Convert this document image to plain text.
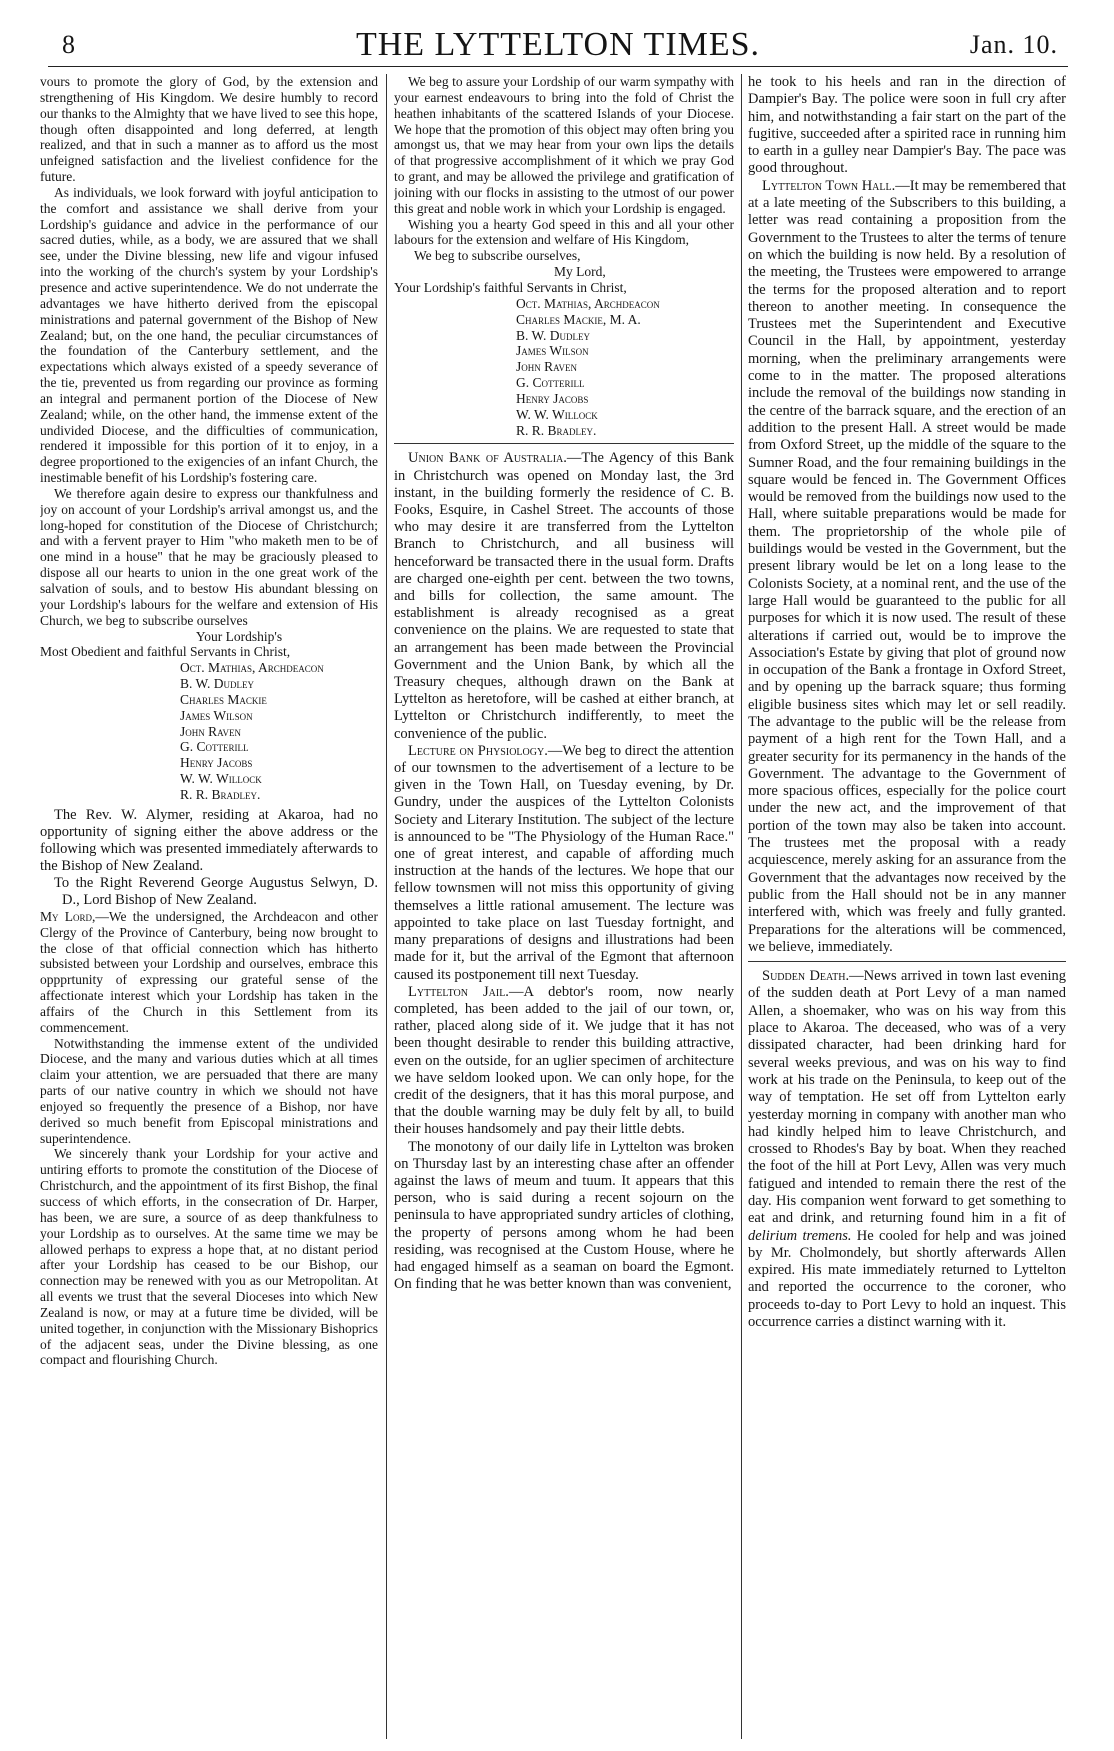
8	THE LYTTELTON TIMES.	Jan. 10.

vours to promote the glory of God, by the extension and strengthening of His Kingdom. We desire humbly to record our thanks to the Almighty that we have lived to see this hope, though often disappointed and long deferred, at length realized, and that in such a manner as to afford us the most unfeigned satisfaction and the liveliest confidence for the future.

As individuals, we look forward with joyful anticipation to the comfort and assistance we shall derive from your Lordship's guidance and advice in the performance of our sacred duties, while, as a body, we are assured that we shall see, under the Divine blessing, new life and vigour infused into the working of the church's system by your Lordship's presence and active superintendence. We do not underrate the advantages we have hitherto derived from the episcopal ministrations and paternal government of the Bishop of New Zealand; but, on the one hand, the peculiar circumstances of the foundation of the Canterbury settlement, and the expectations which always existed of a speedy severance of the tie, prevented us from regarding our province as forming an integral and permanent portion of the Diocese of New Zealand; while, on the other hand, the immense extent of the undivided Diocese, and the difficulties of communication, rendered it impossible for this portion of it to enjoy, in a degree proportioned to the exigencies of an infant Church, the inestimable benefit of his Lordship's fostering care.

We therefore again desire to express our thankfulness and joy on account of your Lordship's arrival amongst us, and the long-hoped for constitution of the Diocese of Christchurch; and with a fervent prayer to Him "who maketh men to be of one mind in a house" that he may be graciously pleased to dispose all our hearts to union in the one great work of the salvation of souls, and to bestow His abundant blessing on your Lordship's labours for the welfare and extension of His Church, we beg to subscribe ourselves

Your Lordship's

Most Obedient and faithful Servants in Christ,

Oct. Mathias, Archdeacon

B. W. Dudley

Charles Mackie

James Wilson

John Raven

G. Cotterill

Henry Jacobs

W. W. Willock

R. R. Bradley.

The Rev. W. Alymer, residing at Akaroa, had no opportunity of signing either the above address or the following which was presented immediately afterwards to the Bishop of New Zealand.

To the Right Reverend George Augustus Selwyn, D. D., Lord Bishop of New Zealand.

My Lord,—We the undersigned, the Archdeacon and other Clergy of the Province of Canterbury, being now brought to the close of that official connection which has hitherto subsisted between your Lordship and ourselves, embrace this oppprtunity of expressing our grateful sense of the affectionate interest which your Lordship has taken in the affairs of the Church in this Settlement from its commencement.

Notwithstanding the immense extent of the undivided Diocese, and the many and various duties which at all times claim your attention, we are persuaded that there are many parts of our native country in which we should not have enjoyed so frequently the presence of a Bishop, nor have derived so much benefit from Episcopal ministrations and superintendence.

We sincerely thank your Lordship for your active and untiring efforts to promote the constitution of the Diocese of Christchurch, and the appointment of its first Bishop, the final success of which efforts, in the consecration of Dr. Harper, has been, we are sure, a source of as deep thankfulness to your Lordship as to ourselves. At the same time we may be allowed perhaps to express a hope that, at no distant period after your Lordship has ceased to be our Bishop, our connection may be renewed with you as our Metropolitan. At all events we trust that the several Dioceses into which New Zealand is now, or may at a future time be divided, will be united together, in conjunction with the Missionary Bishoprics of the adjacent seas, under the Divine blessing, as one compact and flourishing Church.

We beg to assure your Lordship of our warm sympathy with your earnest endeavours to bring into the fold of Christ the heathen inhabitants of the scattered Islands of your Diocese. We hope that the promotion of this object may often bring you amongst us, that we may hear from your own lips the details of that progressive accomplishment of it which we pray God to grant, and may be allowed the privilege and gratification of joining with our flocks in assisting to the utmost of our power this great and noble work in which your Lordship is engaged.

Wishing you a hearty God speed in this and all your other labours for the extension and welfare of His Kingdom,

We beg to subscribe ourselves,

My Lord,

Your Lordship's faithful Servants in Christ,

Oct. Mathias, Archdeacon

Charles Mackie, M. A.

B. W. Dudley

James Wilson

John Raven

G. Cotterill

Henry Jacobs

W. W. Willock

R. R. Bradley.

Union Bank of Australia.—The Agency of this Bank in Christchurch was opened on Monday last, the 3rd instant, in the building formerly the residence of C. B. Fooks, Esquire, in Cashel Street. The accounts of those who may desire it are transferred from the Lyttelton Branch to Christchurch, and all business will henceforward be transacted there in the usual form. Drafts are charged one-eighth per cent. between the two towns, and bills for collection, the same amount. The establishment is already recognised as a great convenience on the plains. We are requested to state that an arrangement has been made between the Provincial Government and the Union Bank, by which all the Treasury cheques, although drawn on the Bank at Lyttelton as heretofore, will be cashed at either branch, at Lyttelton or Christchurch indifferently, to meet the convenience of the public.

Lecture on Physiology.—We beg to direct the attention of our townsmen to the advertisement of a lecture to be given in the Town Hall, on Tuesday evening, by Dr. Gundry, under the auspices of the Lyttelton Colonists Society and Literary Institution. The subject of the lecture is announced to be "The Physiology of the Human Race." one of great interest, and capable of affording much instruction at the hands of the lectures. We hope that our fellow townsmen will not miss this opportunity of giving themselves a little rational amusement. The lecture was appointed to take place on last Tuesday fortnight, and many preparations of designs and illustrations had been made for it, but the arrival of the Egmont that afternoon caused its postponement till next Tuesday.

Lyttelton Jail.—A debtor's room, now nearly completed, has been added to the jail of our town, or, rather, placed along side of it. We judge that it has not been thought desirable to render this building attractive, even on the outside, for an uglier specimen of architecture we have seldom looked upon. We can only hope, for the credit of the designers, that it has this moral purpose, and that the double warning may be duly felt by all, to build their houses handsomely and pay their little debts.

The monotony of our daily life in Lyttelton was broken on Thursday last by an interesting chase after an offender against the laws of meum and tuum. It appears that this person, who is said during a recent sojourn on the peninsula to have appropriated sundry articles of clothing, the property of persons among whom he had been residing, was recognised at the Custom House, where he had engaged himself as a seaman on board the Egmont. On finding that he was better known than was convenient,

he took to his heels and ran in the direction of Dampier's Bay. The police were soon in full cry after him, and notwithstanding a fair start on the part of the fugitive, succeeded after a spirited race in running him to earth in a gulley near Dampier's Bay. The pace was good throughout.

Lyttelton Town Hall.—It may be remembered that at a late meeting of the Subscribers to this building, a letter was read containing a proposition from the Government to the Trustees to alter the terms of tenure on which the building is now held. By a resolution of the meeting, the Trustees were empowered to arrange the terms for the proposed alteration and to report thereon to another meeting. In consequence the Trustees met the Superintendent and Executive Council in the Hall, by appointment, yesterday morning, when the preliminary arrangements were come to in the matter. The proposed alterations include the removal of the buildings now standing in the centre of the barrack square, and the erection of an addition to the present Hall. A street would be made from Oxford Street, up the middle of the square to the Sumner Road, and the four remaining buildings in the square would be fenced in. The Government Offices would be removed from the buildings now used to the Hall, where suitable preparations would be made for them. The proprietorship of the whole pile of buildings would be vested in the Government, but the present library would be let on a long lease to the Colonists Society, at a nominal rent, and the use of the large Hall would be guaranteed to the public for all purposes for which it is now used. The result of these alterations if carried out, would be to improve the Association's Estate by giving that plot of ground now in occupation of the Bank a frontage in Oxford Street, and by opening up the barrack square; thus forming eligible business sites which may let or sell readily. The advantage to the public will be the release from payment of a high rent for the Town Hall, and a greater security for its permanency in the hands of the Government. The advantage to the Government of more spacious offices, especially for the police court under the new act, and the improvement of that portion of the town may also be taken into account. The trustees met the proposal with a ready acquiescence, merely asking for an assurance from the Government that the advantages now received by the public from the Hall should not be in any manner interfered with, which was freely and fully granted. Preparations for the alterations will be commenced, we believe, immediately.

Sudden Death.—News arrived in town last evening of the sudden death at Port Levy of a man named Allen, a shoemaker, who was on his way from this place to Akaroa. The deceased, who was of a very dissipated character, had been drinking hard for several weeks previous, and was on his way to find work at his trade on the Peninsula, to keep out of the way of temptation. He set off from Lyttelton early yesterday morning in company with another man who had kindly helped him to leave Christchurch, and crossed to Rhodes's Bay by boat. When they reached the foot of the hill at Port Levy, Allen was very much fatigued and intended to remain there the rest of the day. His companion went forward to get something to eat and drink, and returning found him in a fit of delirium tremens. He cooled for help and was joined by Mr. Cholmondely, but shortly afterwards Allen expired. His mate immediately returned to Lyttelton and reported the occurrence to the coroner, who proceeds to-day to Port Levy to hold an inquest. This occurrence carries a distinct warning with it.
